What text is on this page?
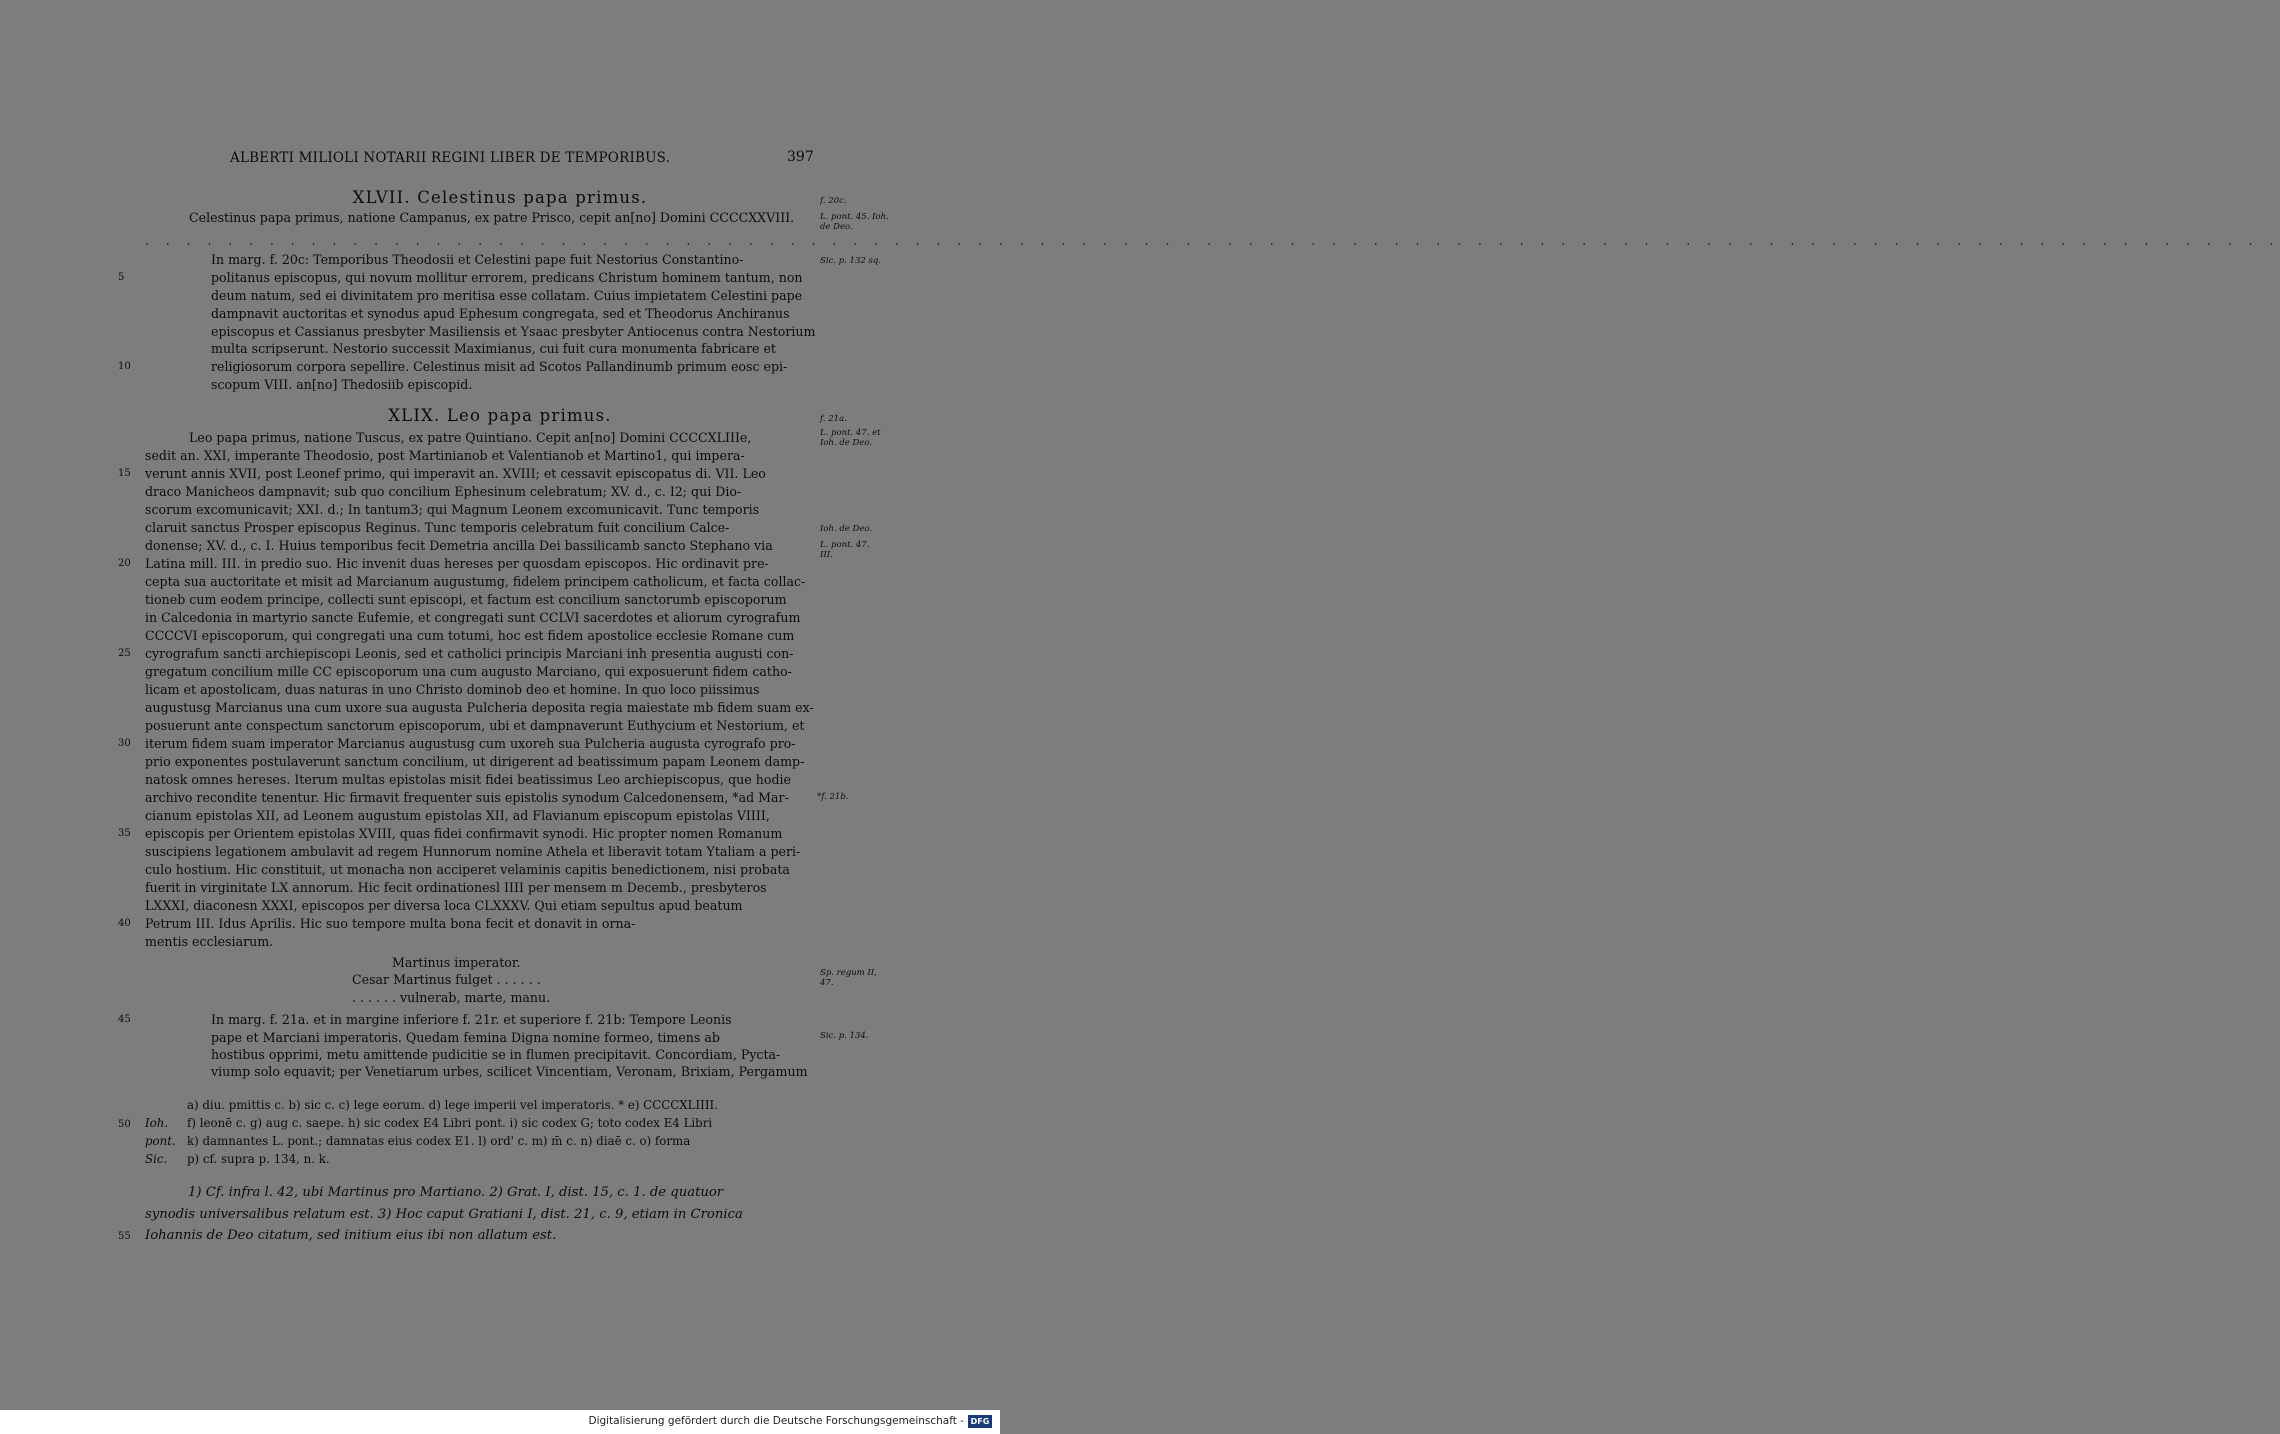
ALBERTI MILIOLI NOTARII REGINI LIBER DE TEMPORIBUS.	397
XLVII. Celestinus papa primus.
Celestinus papa primus, natione Campanus, ex patre Prisco, cepit an[no] Domini CCCCXXVIII.
. . . . . . . . . . . . . . . . . . . . . . . . . . . . . . . . . . . . . . . . . . . . . . . . . . . . . . . . . . . . . . . . . . . . . . . . . . . . . . . . . . . . . . . . . . . . . . . . . . . . . . .
In marg. f. 20c: Temporibus Theodosii et Celestini pape fuit Nestorius Constantino-
politanus episcopus, qui novum mollitur errorem, predicans Christum hominem tantum, non
deum natum, sed ei divinitatem pro meritisa esse collatam. Cuius impietatem Celestini pape
dampnavit auctoritas et synodus apud Ephesum congregata, sed et Theodorus Anchiranus
episcopus et Cassianus presbyter Masiliensis et Ysaac presbyter Antiocenus contra Nestorium
multa scripserunt. Nestorio successit Maximianus, cui fuit cura monumenta fabricare et
religiosorum corpora sepellire. Celestinus misit ad Scotos Pallandinumb primum eosc epi-
scopum VIII. an[no] Thedosiib episcopid.
XLIX. Leo papa primus.
Leo papa primus, natione Tuscus, ex patre Quintiano. Cepit an[no] Domini CCCCXLIIIe,
sedit an. XXI, imperante Theodosio, post Martinianob et Valentianob et Martino1, qui impera-
verunt annis XVII, post Leonef primo, qui imperavit an. XVIII; et cessavit episcopatus di. VII. Leo
draco Manicheos dampnavit; sub quo concilium Ephesinum celebratum; XV. d., c. I2; qui Dio-
scorum excomunicavit; XXI. d.; In tantum3; qui Magnum Leonem excomunicavit. Tunc temporis
claruit sanctus Prosper episcopus Reginus. Tunc temporis celebratum fuit concilium Calce-
donense; XV. d., c. I. Huius temporibus fecit Demetria ancilla Dei bassilicamb sancto Stephano via
Latina mill. III. in predio suo. Hic invenit duas hereses per quosdam episcopos. Hic ordinavit pre-
cepta sua auctoritate et misit ad Marcianum augustumg, fidelem principem catholicum, et facta collac-
tioneb cum eodem principe, collecti sunt episcopi, et factum est concilium sanctorumb episcoporum
in Calcedonia in martyrio sancte Eufemie, et congregati sunt CCLVI sacerdotes et aliorum cyrografum
CCCCVI episcoporum, qui congregati una cum totumi, hoc est fidem apostolice ecclesie Romane cum
cyrografum sancti archiepiscopi Leonis, sed et catholici principis Marciani inh presentia augusti con-
gregatum concilium mille CC episcoporum una cum augusto Marciano, qui exposuerunt fidem catho-
licam et apostolicam, duas naturas in uno Christo dominob deo et homine. In quo loco piissimus
augustusg Marcianus una cum uxore sua augusta Pulcheria deposita regia maiestate mb fidem suam ex-
posuerunt ante conspectum sanctorum episcoporum, ubi et dampnaverunt Euthycium et Nestorium, et
iterum fidem suam imperator Marcianus augustusg cum uxoreh sua Pulcheria augusta cyrografo pro-
prio exponentes postulaverunt sanctum concilium, ut dirigerent ad beatissimum papam Leonem damp-
natosk omnes hereses. Iterum multas epistolas misit fidei beatissimus Leo archiepiscopus, que hodie
archivo recondite tenentur. Hic firmavit frequenter suis epistolis synodum Calcedonensem, *ad Mar-
cianum epistolas XII, ad Leonem augustum epistolas XII, ad Flavianum episcopum epistolas VIIII,
episcopis per Orientem epistolas XVIII, quas fidei confirmavit synodi. Hic propter nomen Romanum
suscipiens legationem ambulavit ad regem Hunnorum nomine Athela et liberavit totam Ytaliam a peri-
culo hostium. Hic constituit, ut monacha non acciperet velaminis capitis benedictionem, nisi probata
fuerit in virginitate LX annorum. Hic fecit ordinationesl IIII per mensem m Decemb., presbyteros
LXXXI, diaconesn XXXI, episcopos per diversa loca CLXXXV. Qui etiam sepultus apud beatum
Petrum III. Idus Aprilis. Hic suo tempore multa bona fecit et donavit in orna-
mentis ecclesiarum.
Martinus imperator.
Cesar Martinus fulget . . . . . .
. . . . . . vulnerab, marte, manu.
In marg. f. 21a. et in margine inferiore f. 21r. et superiore f. 21b: Tempore Leonis
pape et Marciani imperatoris. Quedam femina Digna nomine formeo, timens ab
hostibus opprimi, metu amittende pudicitie se in flumen precipitavit. Concordiam, Pycta-
viump solo equavit; per Venetiarum urbes, scilicet Vincentiam, Veronam, Brixiam, Pergamum
a) diu. pmittis c. b) sic c. c) lege eorum. d) lege imperii vel imperatoris. * e) CCCCXLIIII.
f) leonē c. g) aug c. saepe. h) sic codex E4 Libri pont. i) sic codex G; toto codex E4 Libri
k) damnantes L. pont.; damnatas eius codex E1. l) ord' c. m) m̄ c. n) diaē c. o) forma
p) cf. supra p. 134, n. k.
Ioh.
pont.
Sic.
1) Cf. infra l. 42, ubi Martinus pro Martiano. 2) Grat. I, dist. 15, c. 1. de quatuor
synodis universalibus relatum est. 3) Hoc caput Gratiani I, dist. 21, c. 9, etiam in Cronica
Iohannis de Deo citatum, sed initium eius ibi non allatum est.
5
10
15
20
25
30
35
40
45
50
55
f. 20c.
L. pont. 45. Ioh. de Deo.
Sic. p. 132 sq.
f. 21a.
L. pont. 47. et Ioh. de Deo.
Ioh. de Deo.
L. pont. 47. III.
*f. 21b.
Sp. regum II, 47.
Sic. p. 134.
Digitalisierung gefördert durch die Deutsche Forschungsgemeinschaft - DFG
